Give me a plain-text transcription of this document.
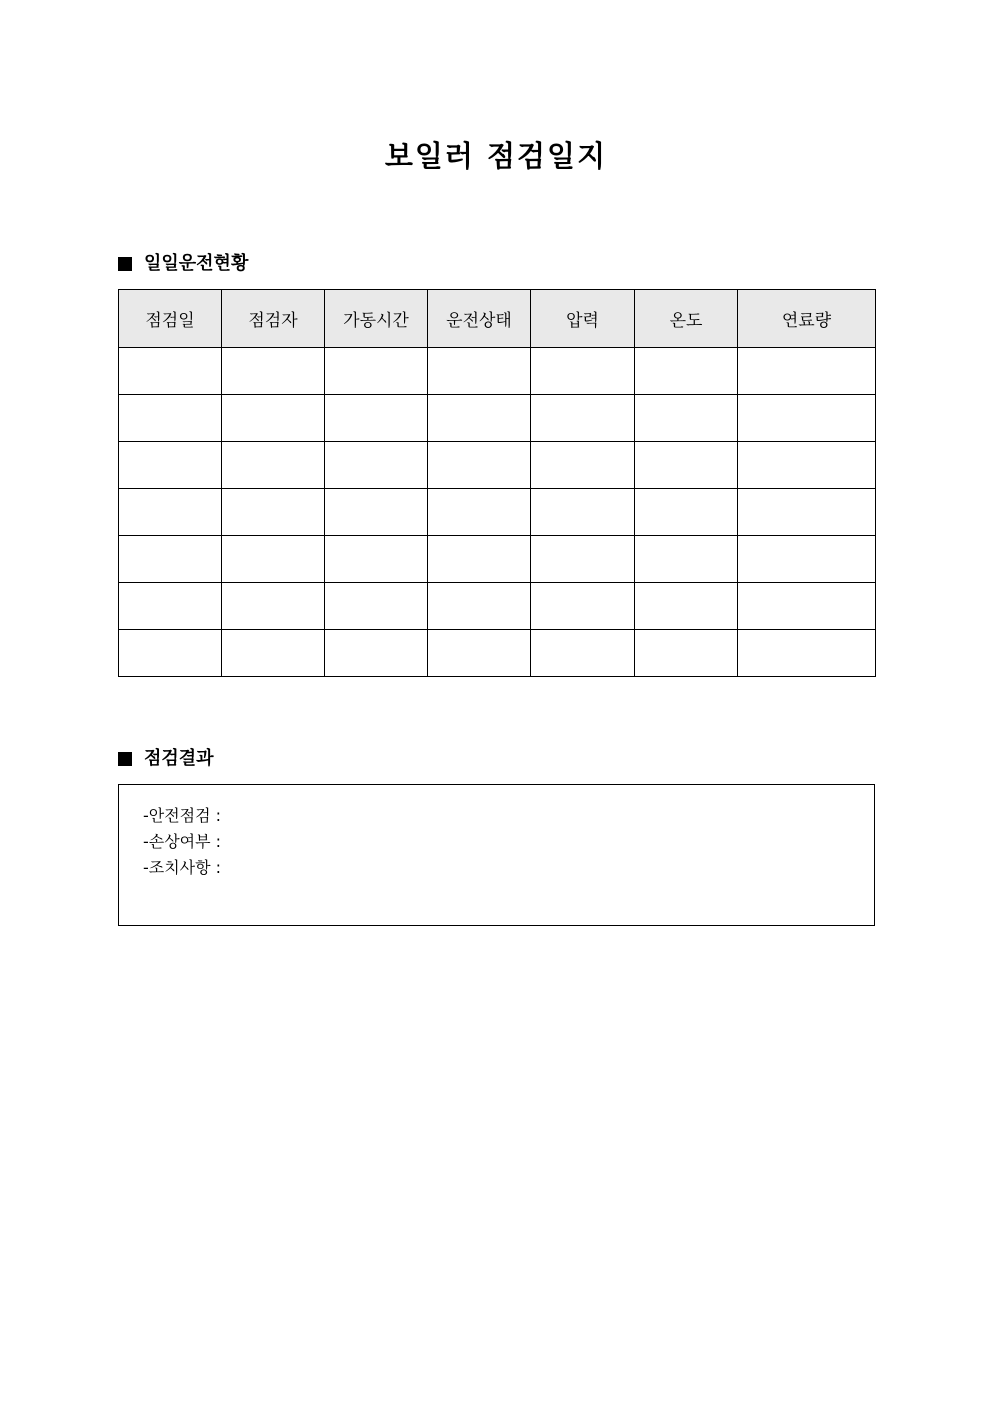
보일러 점검일지
일일운전현황
점검일	점검자	가동시간	운전상태	압력	온도	연료량

점검결과
-안전점검 :
-손상여부 :
-조치사항 :
